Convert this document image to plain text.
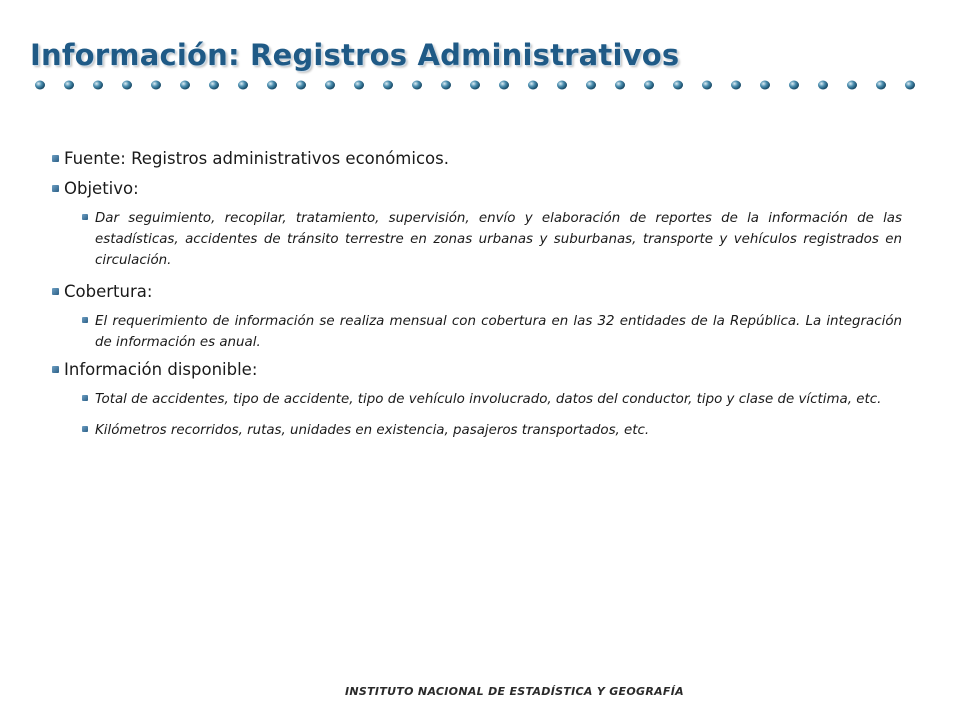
Información: Registros Administrativos
Fuente: Registros administrativos económicos.
Objetivo:
Dar seguimiento, recopilar, tratamiento, supervisión, envío y elaboración de reportes de la información de las estadísticas, accidentes de tránsito terrestre en zonas urbanas y suburbanas, transporte y vehículos registrados en circulación.
Cobertura:
El requerimiento de información se realiza mensual con cobertura en las 32 entidades de la República. La integración de información es anual.
Información disponible:
Total de accidentes, tipo de accidente, tipo de vehículo involucrado, datos del conductor, tipo y clase de víctima, etc.
Kilómetros recorridos, rutas, unidades en existencia, pasajeros transportados, etc.
INSTITUTO NACIONAL DE ESTADÍSTICA Y GEOGRAFÍA
